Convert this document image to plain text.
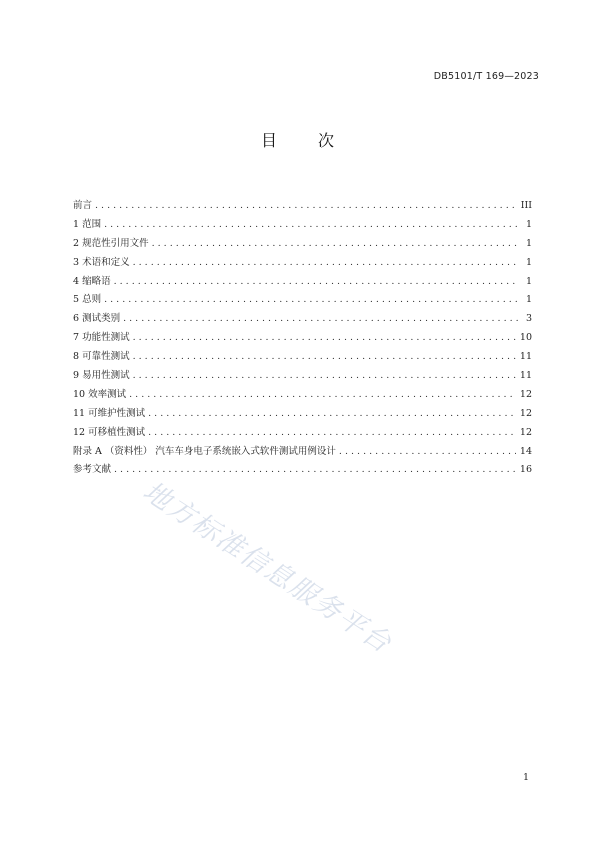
DB5101/T 169—2023
目 次
前言 . . .	III
1 范围 . . .	1
2 规范性引用文件 . . .	1
3 术语和定义 . . .	1
4 缩略语 . . .	1
5 总则 . . .	1
6 测试类别 . . .	3
7 功能性测试 . . .	10
8 可靠性测试 . . .	11
9 易用性测试 . . .	11
10 效率测试 . . .	12
11 可维护性测试 . . .	12
12 可移植性测试 . . .	12
附录 A （资料性） 汽车车身电子系统嵌入式软件测试用例设计 . . .	14
参考文献 . . .	16
地方标准信息服务平台
1
